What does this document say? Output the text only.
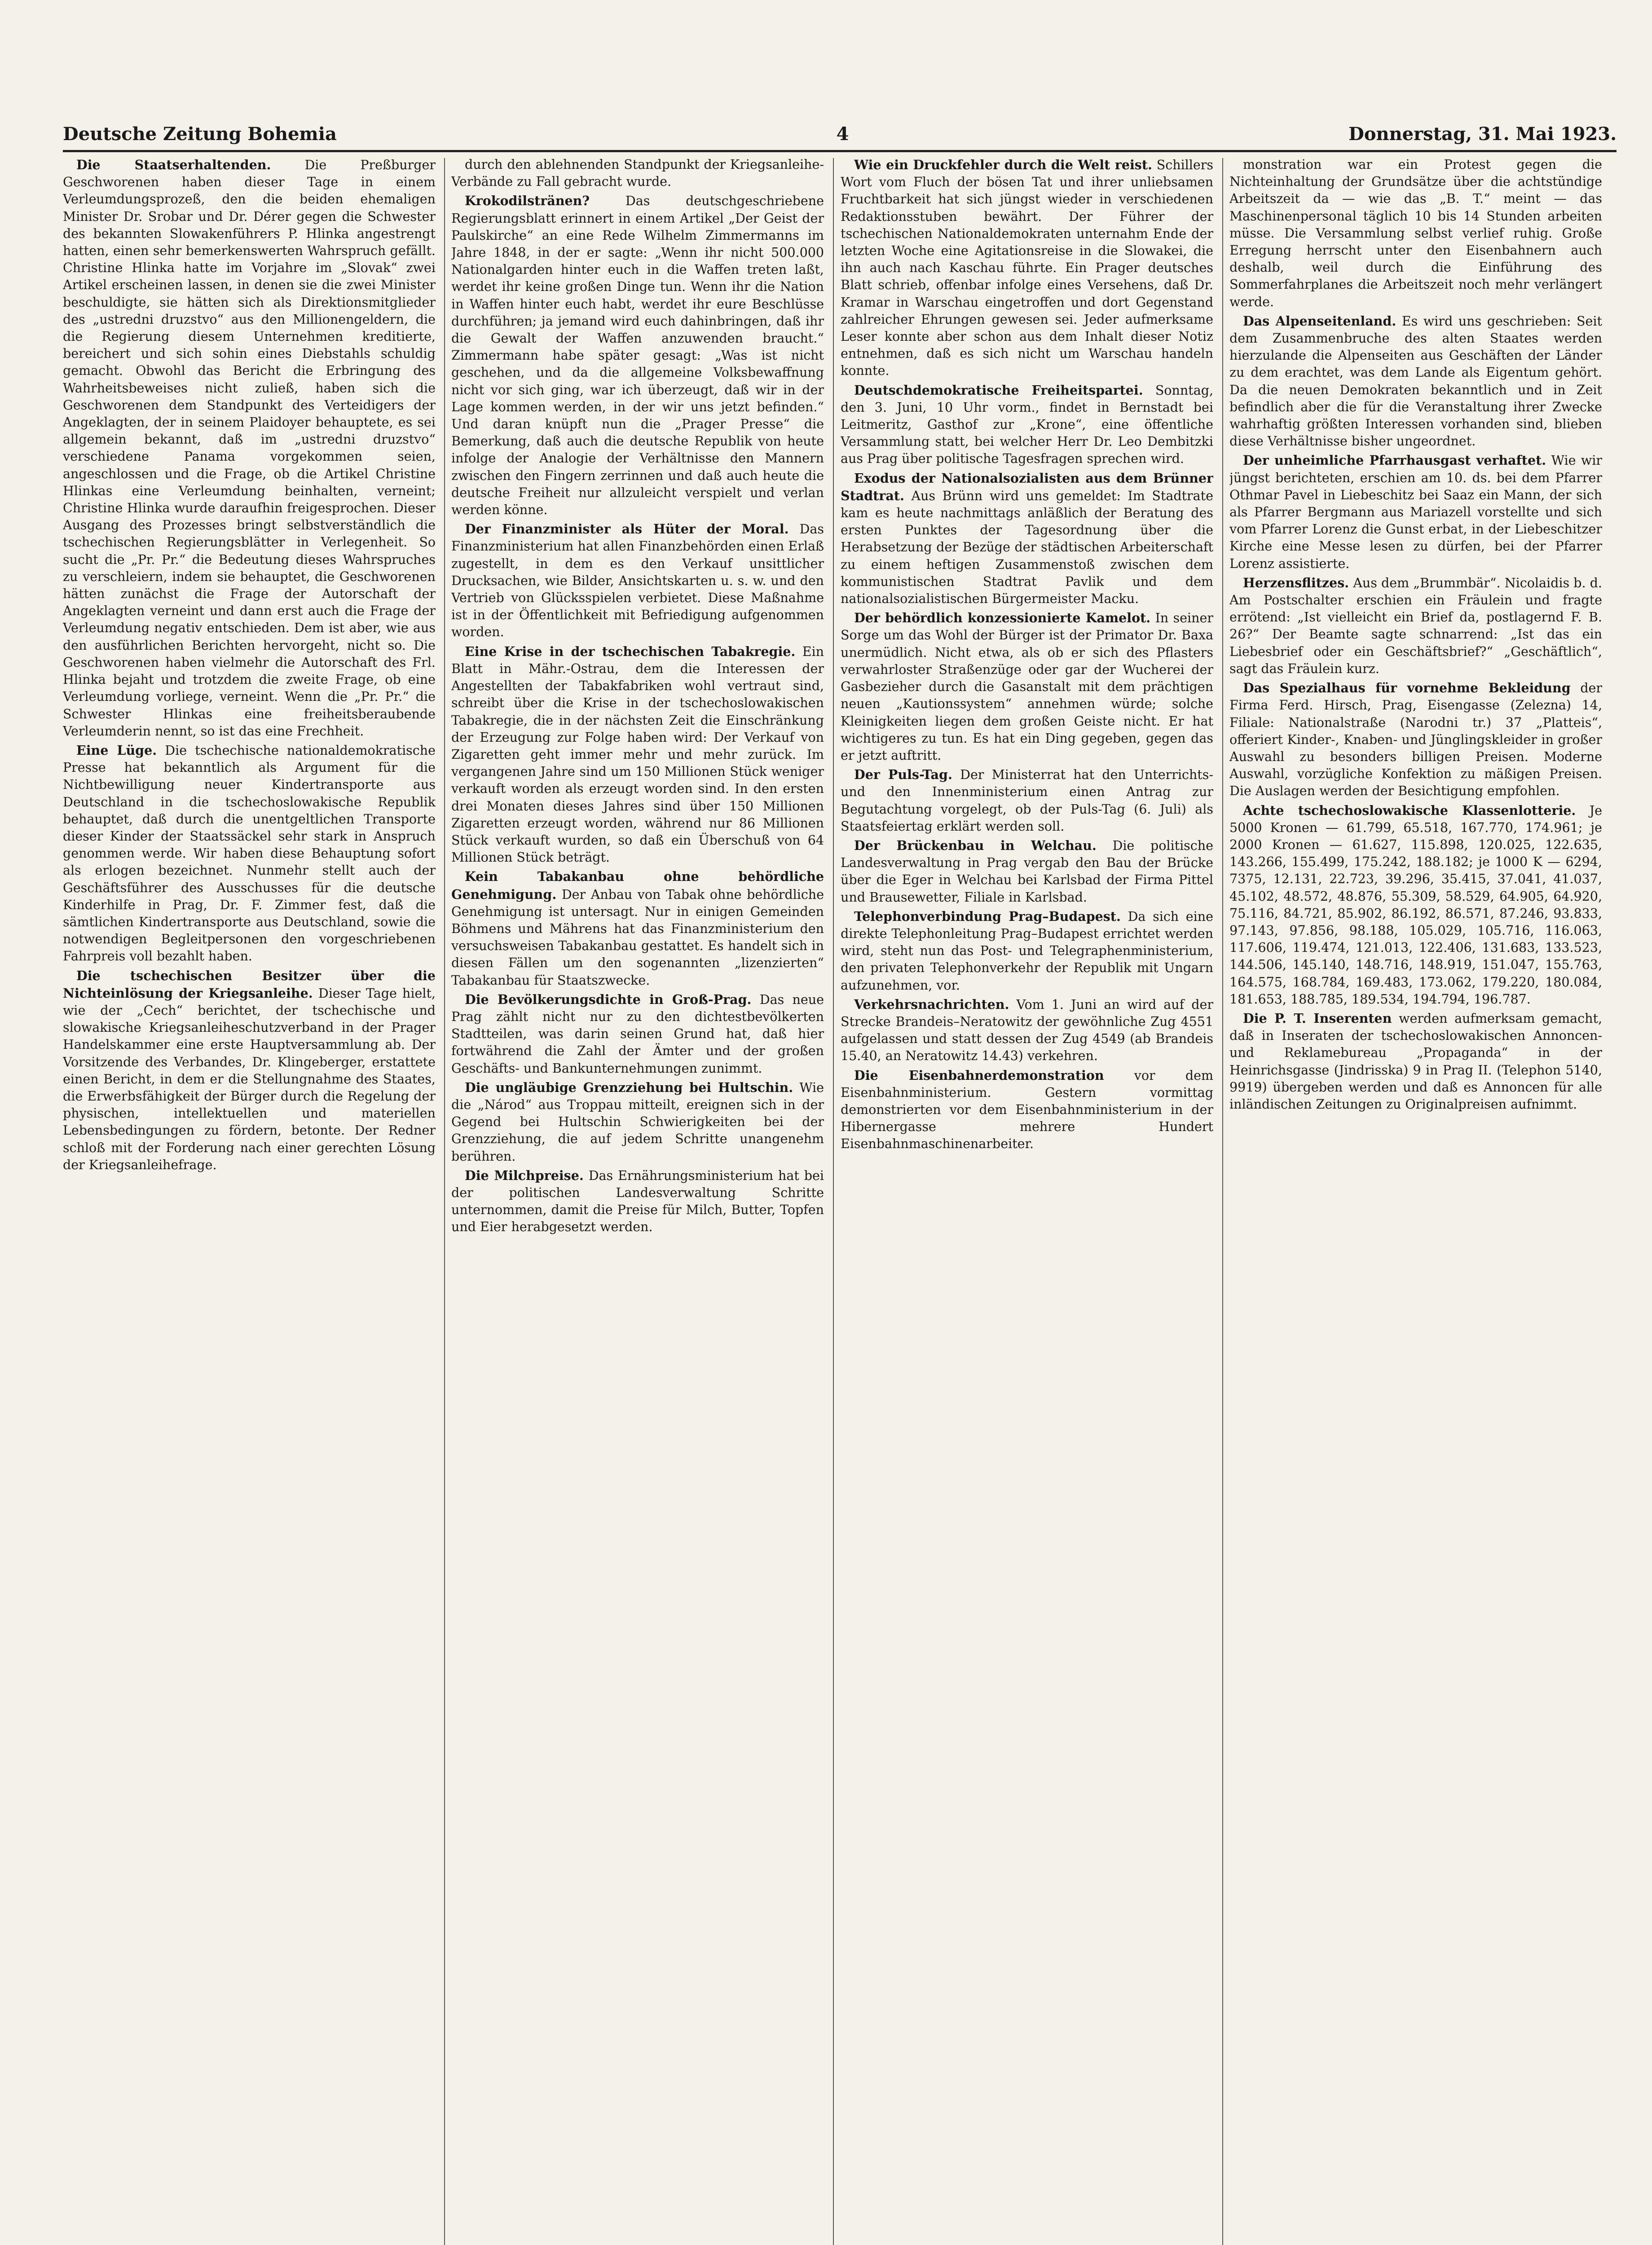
Deutsche Zeitung Bohemia	4	Donnerstag, 31. Mai 1923.

Die Staatserhaltenden.	Die Preßburger Geschworenen haben dieser Tage in einem Verleumdungsprozeß, den die beiden ehemaligen Minister Dr. Srobar und Dr. Dérer gegen die Schwester des bekannten Slowakenführers P. Hlinka angestrengt hatten, einen sehr bemerkenswerten Wahrspruch gefällt. Christine Hlinka hatte im Vorjahre im „Slovak“ zwei Artikel erscheinen lassen, in denen sie die zwei Minister beschuldigte, sie hätten sich als Direktionsmitglieder des „ustredni druzstvo“ aus den Millionengeldern, die die Regierung diesem Unternehmen kreditierte, bereichert und sich sohin eines Diebstahls schuldig gemacht. Obwohl das Bericht die Erbringung des Wahrheitsbeweises nicht zuließ, haben sich die Geschworenen dem Standpunkt des Verteidigers der Angeklagten, der in seinem Plaidoyer behauptete, es sei allgemein bekannt, daß im „ustredni druzstvo“ verschiedene Panama vorgekommen seien, angeschlossen und die Frage, ob die Artikel Christine Hlinkas eine Verleumdung beinhalten, verneint; Christine Hlinka wurde daraufhin freigesprochen. Dieser Ausgang des Prozesses bringt selbstverständlich die tschechischen Regierungsblätter in Verlegenheit. So sucht die „Pr. Pr.“ die Bedeutung dieses Wahrspruches zu verschleiern, indem sie behauptet, die Geschworenen hätten zunächst die Frage der Autorschaft der Angeklagten verneint und dann erst auch die Frage der Verleumdung negativ entschieden. Dem ist aber, wie aus den ausführlichen Berichten hervorgeht, nicht so. Die Geschworenen haben vielmehr die Autorschaft des Frl. Hlinka bejaht und trotzdem die zweite Frage, ob eine Verleumdung vorliege, verneint. Wenn die „Pr. Pr.“ die Schwester Hlinkas eine freiheitsberaubende Verleumderin nennt, so ist das eine Frechheit.

Eine Lüge. Die tschechische nationaldemokratische Presse hat bekanntlich als Argument für die Nichtbewilligung neuer Kindertransporte aus Deutschland in die tschechoslowakische Republik behauptet, daß durch die unentgeltlichen Transporte dieser Kinder der Staatssäckel sehr stark in Anspruch genommen werde. Wir haben diese Behauptung sofort als erlogen bezeichnet. Nunmehr stellt auch der Geschäftsführer des Ausschusses für die deutsche Kinderhilfe in Prag, Dr. F. Zimmer fest, daß die sämtlichen Kindertransporte aus Deutschland, sowie die notwendigen Begleitpersonen den vorgeschriebenen Fahrpreis voll bezahlt haben.

Die tschechischen Besitzer über die Nichteinlösung der Kriegsanleihe. Dieser Tage hielt, wie der „Cech“ berichtet, der tschechische und slowakische Kriegsanleiheschutzverband in der Prager Handelskammer eine erste Hauptversammlung ab. Der Vorsitzende des Verbandes, Dr. Klingeberger, erstattete einen Bericht, in dem er die Stellungnahme des Staates, die Erwerbsfähigkeit der Bürger durch die Regelung der physischen, intellektuellen und materiellen Lebensbedingungen zu fördern, betonte. Der Redner schloß mit der Forderung nach einer gerechten Lösung der Kriegsanleihefrage.

durch den ablehnenden Standpunkt der Kriegsanleihe-Verbände zu Fall gebracht wurde.

Krokodilstränen?	Das deutschgeschriebene Regierungsblatt erinnert in einem Artikel „Der Geist der Paulskirche“ an eine Rede Wilhelm Zimmermanns im Jahre 1848, in der er sagte: „Wenn ihr nicht 500.000 Nationalgarden hinter euch in die Waffen treten laßt, werdet ihr keine großen Dinge tun. Wenn ihr die Nation in Waffen hinter euch habt, werdet ihr eure Beschlüsse durchführen; ja jemand wird euch dahinbringen, daß ihr die Gewalt der Waffen anzuwenden braucht.“ Zimmermann habe später gesagt: „Was ist nicht geschehen, und da die allgemeine Volksbewaffnung nicht vor sich ging, war ich überzeugt, daß wir in der Lage kommen werden, in der wir uns jetzt befinden.“ Und daran knüpft nun die „Prager Presse“ die Bemerkung, daß auch die deutsche Republik von heute infolge der Analogie der Verhältnisse den Mannern zwischen den Fingern zerrinnen und daß auch heute die deutsche Freiheit nur allzuleicht verspielt und verlan werden könne.

Der Finanzminister als Hüter der Moral. Das Finanzministerium hat allen Finanzbehörden einen Erlaß zugestellt, in dem es den Verkauf unsittlicher Drucksachen, wie Bilder, Ansichtskarten u. s. w. und den Vertrieb von Glücksspielen verbietet. Diese Maßnahme ist in der Öffentlichkeit mit Befriedigung aufgenommen worden.

Eine Krise in der tschechischen Tabakregie. Ein Blatt in Mähr.-Ostrau, dem die Interessen der Angestellten der Tabakfabriken wohl vertraut sind, schreibt über die Krise in der tschechoslowakischen Tabakregie, die in der nächsten Zeit die Einschränkung der Erzeugung zur Folge haben wird: Der Verkauf von Zigaretten geht immer mehr und mehr zurück. Im vergangenen Jahre sind um 150 Millionen Stück weniger verkauft worden als erzeugt worden sind. In den ersten drei Monaten dieses Jahres sind über 150 Millionen Zigaretten erzeugt worden, während nur 86 Millionen Stück verkauft wurden, so daß ein Überschuß von 64 Millionen Stück beträgt.

Kein Tabakanbau ohne behördliche Genehmigung. Der Anbau von Tabak ohne behördliche Genehmigung ist untersagt. Nur in einigen Gemeinden Böhmens und Mährens hat das Finanzministerium den versuchsweisen Tabakanbau gestattet. Es handelt sich in diesen Fällen um den sogenannten „lizenzierten“ Tabakanbau für Staatszwecke.

Die Bevölkerungsdichte in Groß-Prag. Das neue Prag zählt nicht nur zu den dichtestbevölkerten Stadtteilen, was darin seinen Grund hat, daß hier fortwährend die Zahl der Ämter und der großen Geschäfts- und Bankunternehmungen zunimmt.

Die ungläubige Grenzziehung bei Hultschin. Wie die „Národ“ aus Troppau mitteilt, ereignen sich in der Gegend bei Hultschin Schwierigkeiten bei der Grenzziehung, die auf jedem Schritte unangenehm berühren.

Die Milchpreise. Das Ernährungsministerium hat bei der politischen Landesverwaltung Schritte unternommen, damit die Preise für Milch, Butter, Topfen und Eier herabgesetzt werden.

Wie ein Druckfehler durch die Welt reist. Schillers Wort vom Fluch der bösen Tat und ihrer unliebsamen Fruchtbarkeit hat sich jüngst wieder in verschiedenen Redaktionsstuben bewährt. Der Führer der tschechischen Nationaldemokraten unternahm Ende der letzten Woche eine Agitationsreise in die Slowakei, die ihn auch nach Kaschau führte. Ein Prager deutsches Blatt schrieb, offenbar infolge eines Versehens, daß Dr. Kramar in Warschau eingetroffen und dort Gegenstand zahlreicher Ehrungen gewesen sei. Jeder aufmerksame Leser konnte aber schon aus dem Inhalt dieser Notiz entnehmen, daß es sich nicht um Warschau handeln konnte.

Deutschdemokratische Freiheitspartei. Sonntag, den 3. Juni, 10 Uhr vorm., findet in Bernstadt bei Leitmeritz, Gasthof zur „Krone“, eine öffentliche Versammlung statt, bei welcher Herr Dr. Leo Dembitzki aus Prag über politische Tagesfragen sprechen wird.

Exodus der Nationalsozialisten aus dem Brünner Stadtrat. Aus Brünn wird uns gemeldet: Im Stadtrate kam es heute nachmittags anläßlich der Beratung des ersten Punktes der Tagesordnung über die Herabsetzung der Bezüge der städtischen Arbeiterschaft zu einem heftigen Zusammenstoß zwischen dem kommunistischen Stadtrat Pavlik und dem nationalsozialistischen Bürgermeister Macku.

Der behördlich konzessionierte Kamelot. In seiner Sorge um das Wohl der Bürger ist der Primator Dr. Baxa unermüdlich. Nicht etwa, als ob er sich des Pflasters verwahrloster Straßenzüge oder gar der Wucherei der Gasbezieher durch die Gasanstalt mit dem prächtigen neuen „Kautionssystem“ annehmen würde; solche Kleinigkeiten liegen dem großen Geiste nicht. Er hat wichtigeres zu tun. Es hat ein Ding gegeben, gegen das er jetzt auftritt.

Der Puls-Tag. Der Ministerrat hat den Unterrichts- und den Innenministerium einen Antrag zur Begutachtung vorgelegt, ob der Puls-Tag (6. Juli) als Staatsfeiertag erklärt werden soll.

Der Brückenbau in Welchau. Die politische Landesverwaltung in Prag vergab den Bau der Brücke über die Eger in Welchau bei Karlsbad der Firma Pittel und Brausewetter, Filiale in Karlsbad.

Telephonverbindung Prag–Budapest. Da sich eine direkte Telephonleitung Prag–Budapest errichtet werden wird, steht nun das Post- und Telegraphenministerium, den privaten Telephonverkehr der Republik mit Ungarn aufzunehmen, vor.

Verkehrsnachrichten. Vom 1. Juni an wird auf der Strecke Brandeis–Neratowitz der gewöhnliche Zug 4551 aufgelassen und statt dessen der Zug 4549 (ab Brandeis 15.40, an Neratowitz 14.43) verkehren.

Die Eisenbahnerdemonstration vor dem Eisenbahnministerium. Gestern vormittag demonstrierten vor dem Eisenbahnministerium in der Hibernergasse mehrere Hundert Eisenbahnmaschinenarbeiter.

monstration war ein Protest gegen die Nichteinhaltung der Grundsätze über die achtstündige Arbeitszeit da — wie das „B. T.“ meint — das Maschinenpersonal täglich 10 bis 14 Stunden arbeiten müsse. Die Versammlung selbst verlief ruhig. Große Erregung herrscht unter den Eisenbahnern auch deshalb, weil durch die Einführung des Sommerfahrplanes die Arbeitszeit noch mehr verlängert werde.

Das Alpenseitenland. Es wird uns geschrieben: Seit dem Zusammenbruche des alten Staates werden hierzulande die Alpenseiten aus Geschäften der Länder zu dem erachtet, was dem Lande als Eigentum gehört. Da die neuen Demokraten bekanntlich und in Zeit befindlich aber die für die Veranstaltung ihrer Zwecke wahrhaftig größten Interessen vorhanden sind, blieben diese Verhältnisse bisher ungeordnet.

Der unheimliche Pfarrhausgast verhaftet. Wie wir jüngst berichteten, erschien am 10. ds. bei dem Pfarrer Othmar Pavel in Liebeschitz bei Saaz ein Mann, der sich als Pfarrer Bergmann aus Mariazell vorstellte und sich vom Pfarrer Lorenz die Gunst erbat, in der Liebeschitzer Kirche eine Messe lesen zu dürfen, bei der Pfarrer Lorenz assistierte.

Herzensflitzes. Aus dem „Brummbär“. Nicolaidis b. d. Am Postschalter erschien ein Fräulein und fragte errötend: „Ist vielleicht ein Brief da, postlagernd F. B. 26?“ Der Beamte sagte schnarrend: „Ist das ein Liebesbrief oder ein Geschäftsbrief?“ „Geschäftlich“, sagt das Fräulein kurz.

Das Spezialhaus für vornehme Bekleidung der Firma Ferd. Hirsch, Prag, Eisengasse (Zelezna) 14, Filiale: Nationalstraße (Narodni tr.) 37 „Platteis“, offeriert Kinder-, Knaben- und Jünglingskleider in großer Auswahl zu besonders billigen Preisen. Moderne Auswahl, vorzügliche Konfektion zu mäßigen Preisen. Die Auslagen werden der Besichtigung empfohlen.

Achte tschechoslowakische Klassenlotterie. Je 5000 Kronen — 61.799, 65.518, 167.770, 174.961; je 2000 Kronen — 61.627, 115.898, 120.025, 122.635, 143.266, 155.499, 175.242, 188.182; je 1000 K — 6294, 7375, 12.131, 22.723, 39.296, 35.415, 37.041, 41.037, 45.102, 48.572, 48.876, 55.309, 58.529, 64.905, 64.920, 75.116, 84.721, 85.902, 86.192, 86.571, 87.246, 93.833, 97.143, 97.856, 98.188, 105.029, 105.716, 116.063, 117.606, 119.474, 121.013, 122.406, 131.683, 133.523, 144.506, 145.140, 148.716, 148.919, 151.047, 155.763, 164.575, 168.784, 169.483, 173.062, 179.220, 180.084, 181.653, 188.785, 189.534, 194.794, 196.787.

Die P. T. Inserenten werden aufmerksam gemacht, daß in Inseraten der tschechoslowakischen Annoncen- und Reklamebureau „Propaganda“ in der Heinrichsgasse (Jindrisska) 9 in Prag II. (Telephon 5140, 9919) übergeben werden und daß es Annoncen für alle inländischen Zeitungen zu Originalpreisen aufnimmt.
